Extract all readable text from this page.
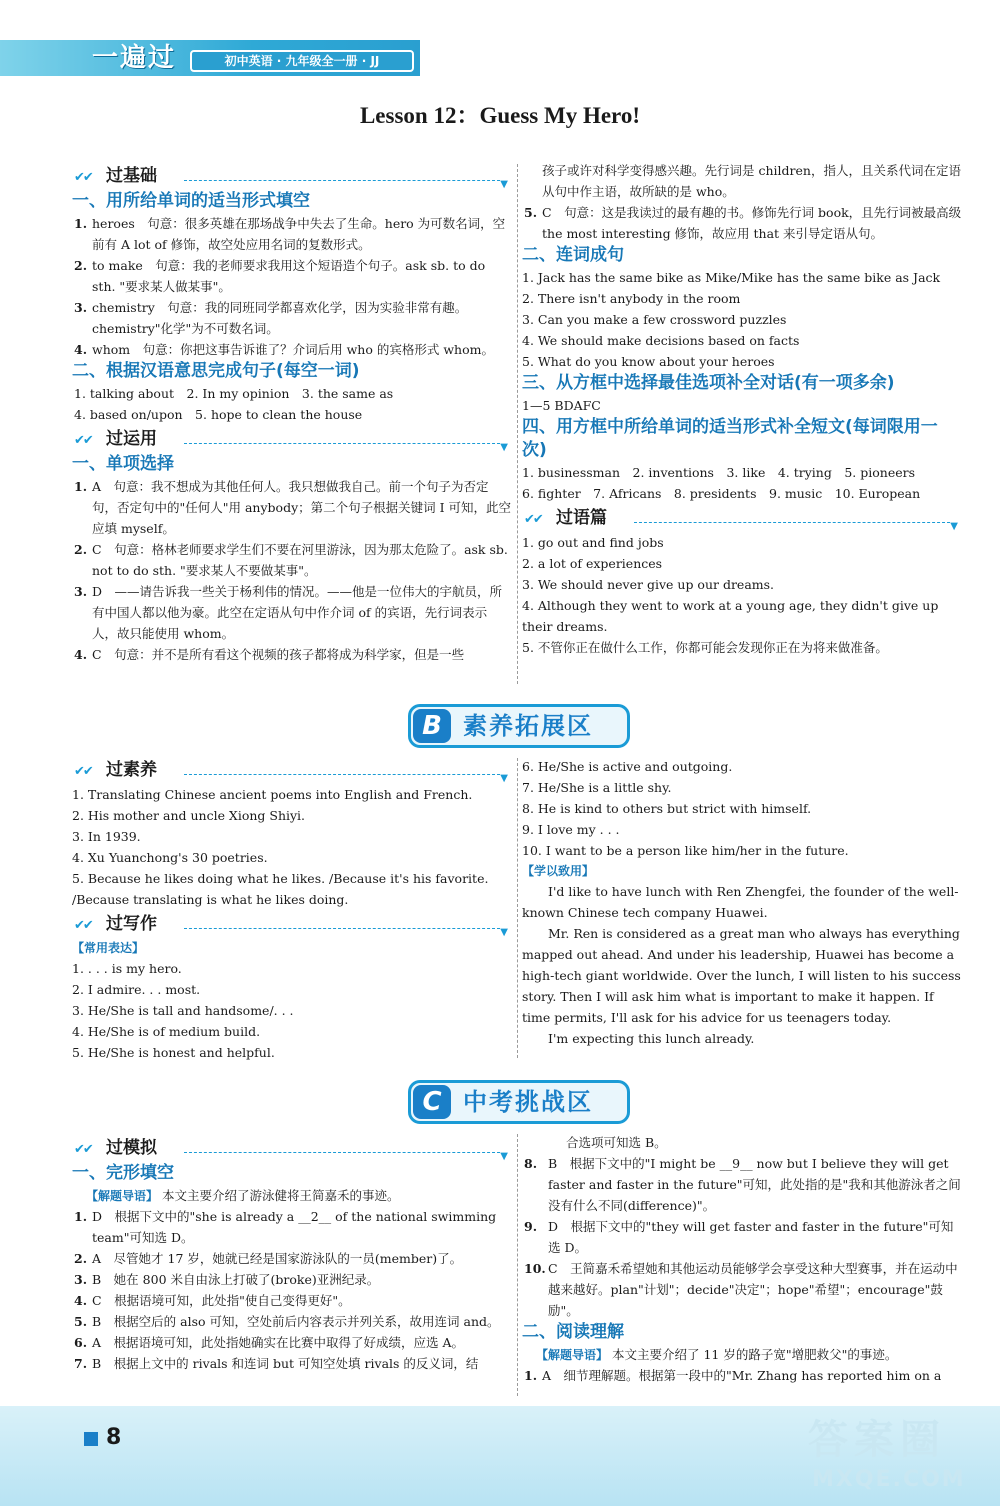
一遍过	初中英语 · 九年级全一册 · JJ
Lesson 12：Guess My Hero!
✔✔ 过基础	▼
一、用所给单词的适当形式填空
1. heroes　句意：很多英雄在那场战争中失去了生命。hero 为可数名词，空前有 A lot of 修饰，故空处应用名词的复数形式。
2. to make　句意：我的老师要求我用这个短语造个句子。ask sb. to do sth. "要求某人做某事"。
3. chemistry　句意：我的同班同学都喜欢化学，因为实验非常有趣。chemistry"化学"为不可数名词。
4. whom　句意：你把这事告诉谁了？介词后用 who 的宾格形式 whom。
二、根据汉语意思完成句子(每空一词)
1. talking about　2. In my opinion　3. the same as
4. based on/upon　5. hope to clean the house
✔✔ 过运用	▼
一、单项选择
1. A　句意：我不想成为其他任何人。我只想做我自己。前一个句子为否定句，否定句中的"任何人"用 anybody；第二个句子根据关键词 I 可知，此空应填 myself。
2. C　句意：格林老师要求学生们不要在河里游泳，因为那太危险了。ask sb. not to do sth. "要求某人不要做某事"。
3. D　——请告诉我一些关于杨利伟的情况。——他是一位伟大的宇航员，所有中国人都以他为豪。此空在定语从句中作介词 of 的宾语，先行词表示人，故只能使用 whom。
4. C　句意：并不是所有看这个视频的孩子都将成为科学家，但是一些
孩子或许对科学变得感兴趣。先行词是 children，指人，且关系代词在定语从句中作主语，故所缺的是 who。
5. C　句意：这是我读过的最有趣的书。修饰先行词 book，且先行词被最高级 the most interesting 修饰，故应用 that 来引导定语从句。
二、连词成句
1. Jack has the same bike as Mike/Mike has the same bike as Jack
2. There isn't anybody in the room
3. Can you make a few crossword puzzles
4. We should make decisions based on facts
5. What do you know about your heroes
三、从方框中选择最佳选项补全对话(有一项多余)
1—5 BDAFC
四、用方框中所给单词的适当形式补全短文(每词限用一次)
1. businessman　2. inventions　3. like　4. trying　5. pioneers
6. fighter　7. Africans　8. presidents　9. music　10. European
✔✔ 过语篇	▼
1. go out and find jobs
2. a lot of experiences
3. We should never give up our dreams.
4. Although they went to work at a young age, they didn't give up their dreams.
5. 不管你正在做什么工作，你都可能会发现你正在为将来做准备。
B 素养拓展区
✔✔ 过素养	▼
1. Translating Chinese ancient poems into English and French.
2. His mother and uncle Xiong Shiyi.
3. In 1939.
4. Xu Yuanchong's 30 poetries.
5. Because he likes doing what he likes. /Because it's his favorite. /Because translating is what he likes doing.
✔✔ 过写作	▼
【常用表达】
1. . . . is my hero.
2. I admire. . . most.
3. He/She is tall and handsome/. . .
4. He/She is of medium build.
5. He/She is honest and helpful.
6. He/She is active and outgoing.
7. He/She is a little shy.
8. He is kind to others but strict with himself.
9. I love my . . .
10. I want to be a person like him/her in the future.
【学以致用】
I'd like to have lunch with Ren Zhengfei, the founder of the well-known Chinese tech company Huawei.
Mr. Ren is considered as a great man who always has everything mapped out ahead. And under his leadership, Huawei has become a high-tech giant worldwide. Over the lunch, I will listen to his success story. Then I will ask him what is important to make it happen. If time permits, I'll ask for his advice for us teenagers today.
I'm expecting this lunch already.
C 中考挑战区
✔✔ 过模拟	▼
一、完形填空
【解题导语】 本文主要介绍了游泳健将王简嘉禾的事迹。
1. D　根据下文中的"she is already a __2__ of the national swimming team"可知选 D。
2. A　尽管她才 17 岁，她就已经是国家游泳队的一员(member)了。
3. B　她在 800 米自由泳上打破了(broke)亚洲纪录。
4. C　根据语境可知，此处指"使自己变得更好"。
5. B　根据空后的 also 可知，空处前后内容表示并列关系，故用连词 and。
6. A　根据语境可知，此处指她确实在比赛中取得了好成绩，应选 A。
7. B　根据上文中的 rivals 和连词 but 可知空处填 rivals 的反义词，结
合选项可知选 B。
8. B　根据下文中的"I might be __9__ now but I believe they will get faster and faster in the future"可知，此处指的是"我和其他游泳者之间没有什么不同(difference)"。
9. D　根据下文中的"they will get faster and faster in the future"可知选 D。
10. C　王简嘉禾希望她和其他运动员能够学会享受这种大型赛事，并在运动中越来越好。plan"计划"；decide"决定"；hope"希望"；encourage"鼓励"。
二、阅读理解
【解题导语】 本文主要介绍了 11 岁的路子宽"增肥救父"的事迹。
1. A　细节理解题。根据第一段中的"Mr. Zhang has reported him on a
8	答案圈
MXQE.COM
